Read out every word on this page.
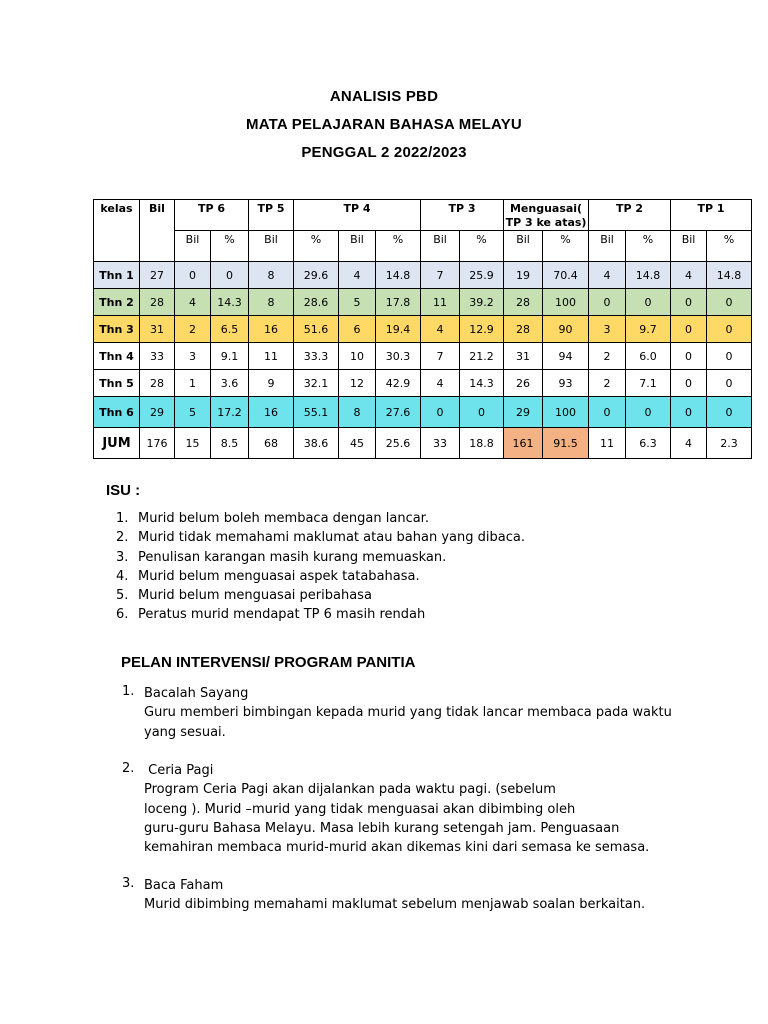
ANALISIS PBD
MATA PELAJARAN BAHASA MELAYU
PENGGAL 2 2022/2023
kelas	Bil	TP 6		TP 5	TP 4			TP 3		Menguasai( TP 3 ke atas)		TP 2		TP 1	
		Bil	%	Bil	%	Bil	%	Bil	%	Bil	%	Bil	%	Bil	%
Thn 1	27	0	0	8	29.6	4	14.8	7	25.9	19	70.4	4	14.8	4	14.8
Thn 2	28	4	14.3	8	28.6	5	17.8	11	39.2	28	100	0	0	0	0
Thn 3	31	2	6.5	16	51.6	6	19.4	4	12.9	28	90	3	9.7	0	0
Thn 4	33	3	9.1	11	33.3	10	30.3	7	21.2	31	94	2	6.0	0	0
Thn 5	28	1	3.6	9	32.1	12	42.9	4	14.3	26	93	2	7.1	0	0
Thn 6	29	5	17.2	16	55.1	8	27.6	0	0	29	100	0	0	0	0
JUM	176	15	8.5	68	38.6	45	25.6	33	18.8	161	91.5	11	6.3	4	2.3
ISU :
1. Murid belum boleh membaca dengan lancar.
2. Murid tidak memahami maklumat atau bahan yang dibaca.
3. Penulisan karangan masih kurang memuaskan.
4. Murid belum menguasai aspek tatabahasa.
5. Murid belum menguasai peribahasa
6. Peratus murid mendapat TP 6 masih rendah
PELAN INTERVENSI/ PROGRAM PANITIA
1. Bacalah Sayang
Guru memberi bimbingan kepada murid yang tidak lancar membaca pada waktu
yang sesuai.
2. Ceria Pagi
Program Ceria Pagi akan dijalankan pada waktu pagi. (sebelum
loceng ). Murid –murid yang tidak menguasai akan dibimbing oleh
guru-guru Bahasa Melayu. Masa lebih kurang setengah jam. Penguasaan
kemahiran membaca murid-murid akan dikemas kini dari semasa ke semasa.
3. Baca Faham
Murid dibimbing memahami maklumat sebelum menjawab soalan berkaitan.
